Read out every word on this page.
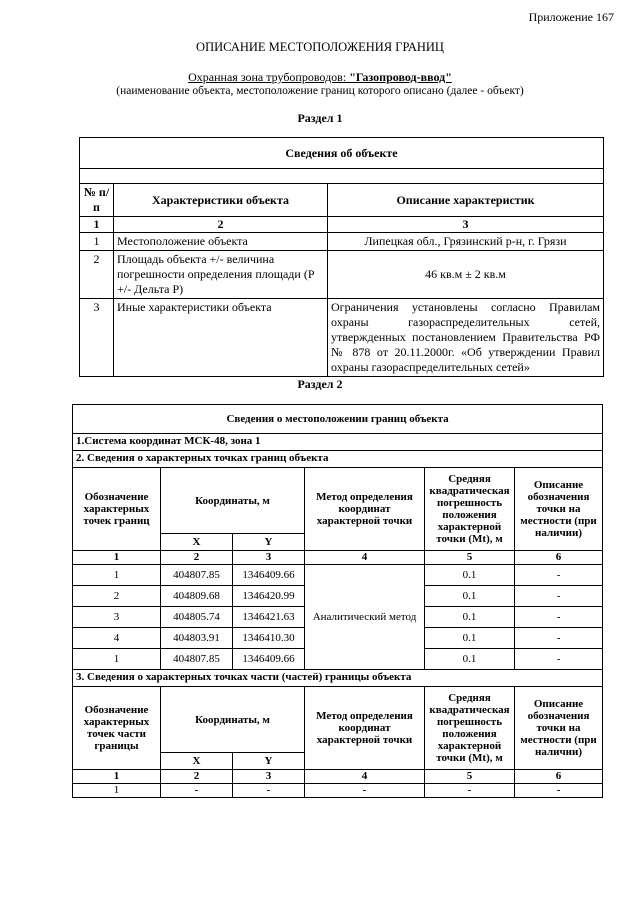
Приложение 167
ОПИСАНИЕ МЕСТОПОЛОЖЕНИЯ ГРАНИЦ
Охранная зона трубопроводов: "Газопровод-ввод"
(наименование объекта, местоположение границ которого описано (далее - объект)
Раздел 1
Сведения об объекте		

№ п/п	Характеристики объекта	Описание характеристик
1	2	3
1	Местоположение объекта	Липецкая обл., Грязинский р-н, г. Грязи
2	Площадь объекта +/- величина погрешности определения площади (Р +/- Дельта Р)	46 кв.м ± 2 кв.м
3	Иные характеристики объекта	Ограничения установлены согласно Правилам охраны газораспределительных сетей, утвержденных постановлением Правительства РФ № 878 от 20.11.2000г. «Об утверждении Правил охраны газораспределительных сетей»
Раздел 2
Сведения о местоположении границ объекта					
1.Система координат МСК-48, зона 1					
2. Сведения о характерных точках границ объекта					
Обозначение характерных точек границ	Координаты, м		Метод определения координат характерной точки	Средняя квадратическая погрешность положения характерной точки (Mt), м	Описание обозначения точки на местности (при наличии)
	X	Y			
1	2	3	4	5	6
1	404807.85	1346409.66	Аналитический метод	0.1	-
2	404809.68	1346420.99		0.1	-
3	404805.74	1346421.63		0.1	-
4	404803.91	1346410.30		0.1	-
1	404807.85	1346409.66		0.1	-
3. Сведения о характерных точках части (частей) границы объекта					
Обозначение характерных точек части границы	Координаты, м		Метод определения координат характерной точки	Средняя квадратическая погрешность положения характерной точки (Mt), м	Описание обозначения точки на местности (при наличии)
	X	Y			
1	2	3	4	5	6
1	-	-	-	-	-
